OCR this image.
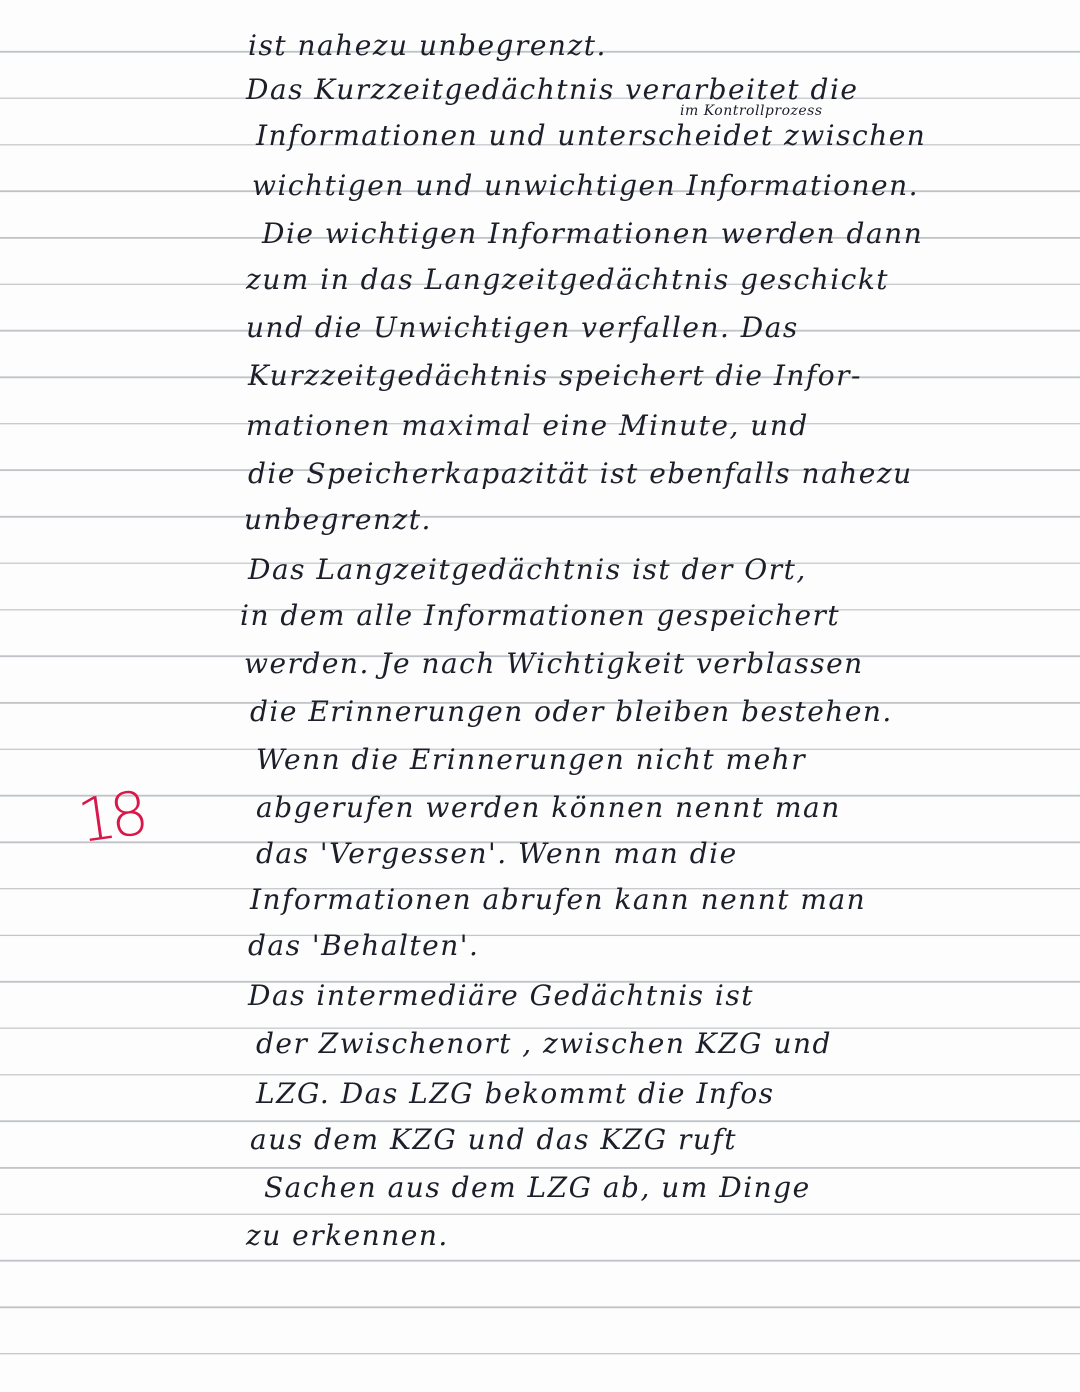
ist nahezu unbegrenzt.
Das Kurzzeitgedächtnis verarbeitet die
im Kontrollprozess
Informationen und unterscheidet zwischen
wichtigen und unwichtigen Informationen.
Die wichtigen Informationen werden dann
zum in das Langzeitgedächtnis geschickt
und die Unwichtigen verfallen. Das
Kurzzeitgedächtnis speichert die Infor-
mationen maximal eine Minute, und
die Speicherkapazität ist ebenfalls nahezu
unbegrenzt.
Das Langzeitgedächtnis ist der Ort,
in dem alle Informationen gespeichert
werden. Je nach Wichtigkeit verblassen
die Erinnerungen oder bleiben bestehen.
Wenn die Erinnerungen nicht mehr
abgerufen werden können nennt man
das 'Vergessen'. Wenn man die
Informationen abrufen kann nennt man
das 'Behalten'.
Das intermediäre Gedächtnis ist
der Zwischenort , zwischen KZG und
LZG. Das LZG bekommt die Infos
aus dem KZG und das KZG ruft
Sachen aus dem LZG ab, um Dinge
zu erkennen.
18
